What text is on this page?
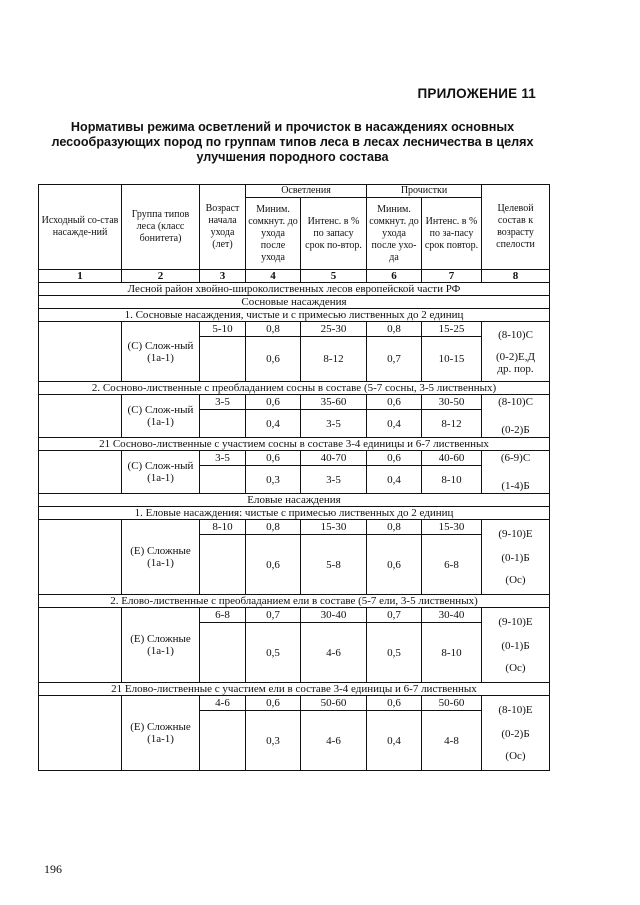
ПРИЛОЖЕНИЕ 11
Нормативы режима осветлений и прочисток в насаждениях основных
лесообразующих пород по группам типов леса в лесах лесничества в целях
улучшения породного состава
Исходный со-став насажде-ний	Группа типов леса (класс бонитета)	Возраст начала ухода (лет)	Осветления		Прочистки		Целевой состав к возрасту спелости
			Миним. сомкнут. до ухода после ухода	Интенс. в % по запасу срок по-втор.	Миним. сомкнут. до ухода после ухо-да	Интенс. в % по за-пасу срок повтор.	
1	2	3	4	5	6	7	8
Лесной район хвойно-широколиственных лесов европейской части РФ							
Сосновые насаждения							
1. Сосновые насаждения, чистые и с примесью лиственных до 2 единиц							
	(С) Слож-ный (1а-1)	5-10	0,8	25-30	0,8	15-25	(8-10)С
(0-2)Е,Д
др. пор.

			0,6	8-12	0,7	10-15	
2. Сосново-лиственные с преобладанием сосны в составе (5-7 сосны, 3-5 лиственных)							
	(С) Слож-ный (1а-1)	3-5	0,6	35-60	0,6	30-50	(8-10)С
(0-2)Б

			0,4	3-5	0,4	8-12	
21 Сосново-лиственные с участием сосны в составе 3-4 единицы и 6-7 лиственных							
	(С) Слож-ный (1а-1)	3-5	0,6	40-70	0,6	40-60	(6-9)С
(1-4)Б

			0,3	3-5	0,4	8-10	
Еловые насаждения							
1. Еловые насаждения: чистые с примесью лиственных до 2 единиц							
	(Е) Сложные (1а-1)	8-10	0,8	15-30	0,8	15-30	(9-10)Е
(0-1)Б
(Ос)

			0,6	5-8	0,6	6-8	
2. Елово-лиственные с преобладанием ели в составе (5-7 ели, 3-5 лиственных)							
	(Е) Сложные (1а-1)	6-8	0,7	30-40	0,7	30-40	(9-10)Е
(0-1)Б
(Ос)

			0,5	4-6	0,5	8-10	
21 Елово-лиственные с участием ели в составе 3-4 единицы и 6-7 лиственных							
	(Е) Сложные (1а-1)	4-6	0,6	50-60	0,6	50-60	(8-10)Е
(0-2)Б
(Ос)

			0,3	4-6	0,4	4-8	
196
